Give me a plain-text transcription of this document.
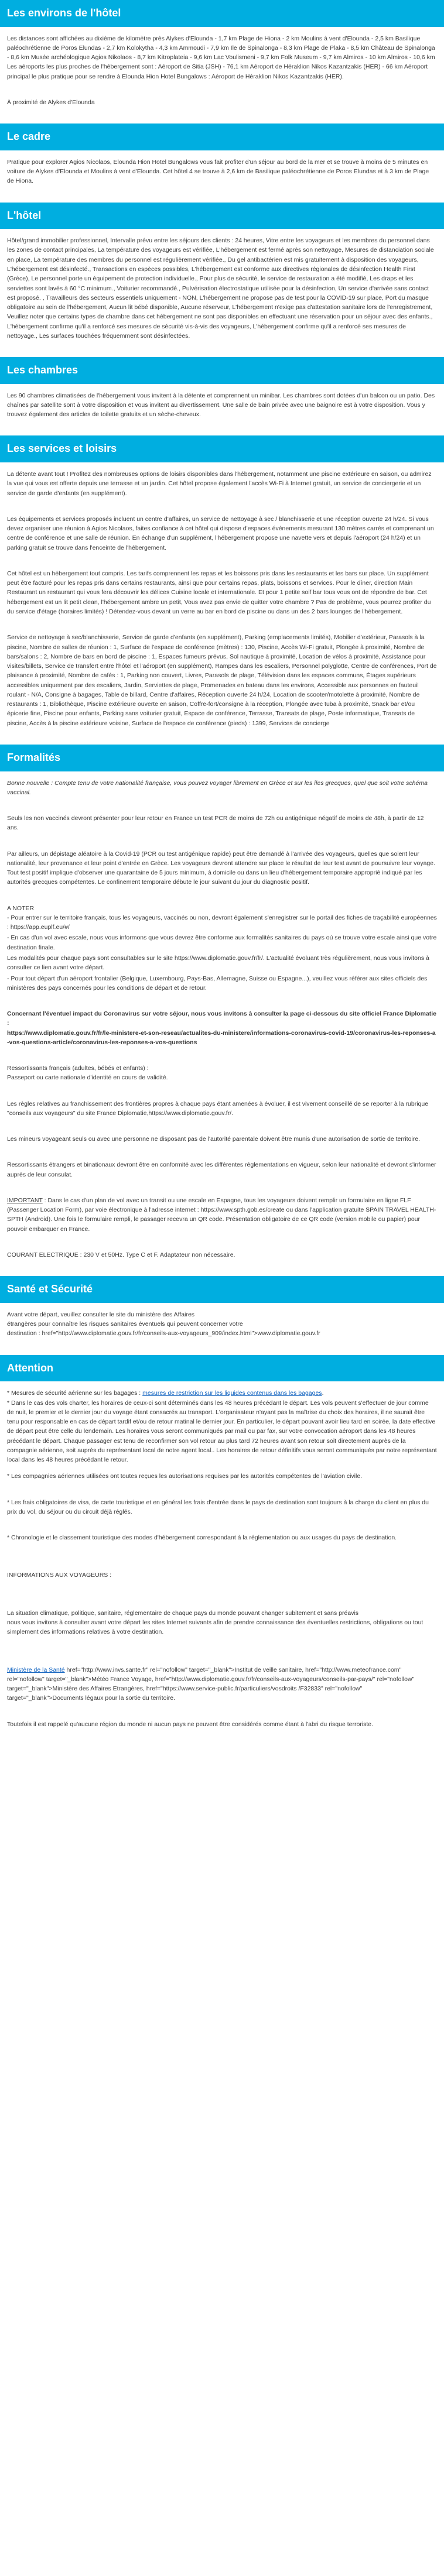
Les environs de l'hôtel

Les distances sont affichées au dixième de kilomètre près Alykes d'Elounda - 1,7 km Plage de Hiona - 2 km Moulins à vent d'Elounda - 2,5 km Basilique paléochrétienne de Poros Elundas - 2,7 km Kolokytha - 4,3 km Ammoudi - 7,9 km Ile de Spinalonga - 8,3 km Plage de Plaka - 8,5 km Château de Spinalonga - 8,6 km Musée archéologique Agios Nikolaos - 8,7 km Kitroplateia - 9,6 km Lac Voulismeni - 9,7 km Folk Museum - 9,7 km Almiros - 10 km Almiros - 10,6 km Les aéroports les plus proches de l'hébergement sont : Aéroport de Sitia (JSH) - 76,1 km Aéroport de Héraklion Nikos Kazantzakis (HER) - 66 km Aéroport principal le plus pratique pour se rendre à Elounda Hion Hotel Bungalows : Aéroport de Héraklion Nikos Kazantzakis (HER).

À proximité de Alykes d'Elounda

Le cadre

Pratique pour explorer Agios Nicolaos, Elounda Hion Hotel Bungalows vous fait profiter d'un séjour au bord de la mer et se trouve à moins de 5 minutes en voiture de Alykes d'Elounda et Moulins à vent d'Elounda. Cet hôtel 4 se trouve à 2,6 km de Basilique paléochrétienne de Poros Elundas et à 3 km de Plage de Hiona.

L'hôtel

Hôtel/grand immobilier professionnel, Intervalle prévu entre les séjours des clients : 24 heures, Vitre entre les voyageurs et les membres du personnel dans les zones de contact principales, La température des voyageurs est vérifiée, L'hébergement est fermé après son nettoyage, Mesures de distanciation sociale en place, La température des membres du personnel est régulièrement vérifiée., Du gel antibactérien est mis gratuitement à disposition des voyageurs, L'hébergement est désinfecté., Transactions en espèces possibles, L'hébergement est conforme aux directives régionales de désinfection Health First (Grèce), Le personnel porte un équipement de protection individuelle., Pour plus de sécurité, le service de restauration a été modifié, Les draps et les serviettes sont lavés à 60 °C minimum., Voiturier recommandé., Pulvérisation électrostatique utilisée pour la désinfection, Un service d'arrivée sans contact est proposé. , Travailleurs des secteurs essentiels uniquement - NON, L'hébergement ne propose pas de test pour la COVID-19 sur place, Port du masque obligatoire au sein de l'hébergement, Aucun lit bébé disponible, Aucune réserveur, L'hébergement n'exige pas d'attestation sanitaire lors de l'enregistrement, Veuillez noter que certains types de chambre dans cet hébergement ne sont pas disponibles en effectuant une réservation pour un séjour avec des enfants., L'hébergement confirme qu'il a renforcé ses mesures de sécurité vis-à-vis des voyageurs, L'hébergement confirme qu'il a renforcé ses mesures de nettoyage., Les surfaces touchées fréquemment sont désinfectées.

Les chambres

Les 90 chambres climatisées de l'hébergement vous invitent à la détente et comprennent un minibar. Les chambres sont dotées d'un balcon ou un patio. Des chaînes par satellite sont à votre disposition et vous invitent au divertissement. Une salle de bain privée avec une baignoire est à votre disposition. Vous y trouvez également des articles de toilette gratuits et un sèche-cheveux.

Les services et loisirs

La détente avant tout ! Profitez des nombreuses options de loisirs disponibles dans l'hébergement, notamment une piscine extérieure en saison, ou admirez la vue qui vous est offerte depuis une terrasse et un jardin. Cet hôtel propose également l'accès Wi-Fi à Internet gratuit, un service de conciergerie et un service de garde d'enfants (en supplément).

Les équipements et services proposés incluent un centre d'affaires, un service de nettoyage à sec / blanchisserie et une réception ouverte 24 h/24. Si vous devez organiser une réunion à Agios Nicolaos, faites confiance à cet hôtel qui dispose d'espaces événements mesurant 130 mètres carrés et comprenant un centre de conférence et une salle de réunion. En échange d'un supplément, l'hébergement propose une navette vers et depuis l'aéroport (24 h/24) et un parking gratuit se trouve dans l'enceinte de l'hébergement.

Cet hôtel est un hébergement tout compris. Les tarifs comprennent les repas et les boissons pris dans les restaurants et les bars sur place. Un supplément peut être facturé pour les repas pris dans certains restaurants, ainsi que pour certains repas, plats, boissons et services. Pour le dîner, direction Main Restaurant un restaurant qui vous fera découvrir les délices Cuisine locale et internationale. Et pour 1 petite soif bar tous vous ont de répondre de bar. Cet hébergement est un lit petit clean, l'hébergement ambre un petit, Vous avez pas envie de quitter votre chambre ? Pas de problème, vous pourrez profiter du du service d'étage (horaires limités) ! Détendez-vous devant un verre au bar en bord de piscine ou dans un des 2 bars lounges de l'hébergement.

Service de nettoyage à sec/blanchisserie, Service de garde d'enfants (en supplément), Parking (emplacements limités), Mobilier d'extérieur, Parasols à la piscine, Nombre de salles de réunion : 1, Surface de l'espace de conférence (mètres) : 130, Piscine, Accès Wi-Fi gratuit, Plongée à proximité, Nombre de bars/salons : 2, Nombre de bars en bord de piscine : 1, Espaces fumeurs prévus, Sol nautique à proximité, Location de vélos à proximité, Assistance pour visites/billets, Service de transfert entre l'hôtel et l'aéroport (en supplément), Rampes dans les escaliers, Personnel polyglotte, Centre de conférences, Port de plaisance à proximité, Nombre de cafés : 1, Parking non couvert, Livres, Parasols de plage, Télévision dans les espaces communs, Étages supérieurs accessibles uniquement par des escaliers, Jardin, Serviettes de plage, Promenades en bateau dans les environs, Accessible aux personnes en fauteuil roulant - N/A, Consigne à bagages, Table de billard, Centre d'affaires, Réception ouverte 24 h/24, Location de scooter/motolette à proximité, Nombre de restaurants : 1, Bibliothèque, Piscine extérieure ouverte en saison, Coffre-fort/consigne à la réception, Plongée avec tuba à proximité, Snack bar et/ou épicerie fine, Piscine pour enfants, Parking sans voiturier gratuit, Espace de conférence, Terrasse, Transats de plage, Poste informatique, Transats de piscine, Accès à la piscine extérieure voisine, Surface de l'espace de conférence (pieds) : 1399, Services de concierge

Formalités

Bonne nouvelle : Compte tenu de votre nationalité française, vous pouvez voyager librement en Grèce et sur les îles grecques, quel que soit votre schéma vaccinal.

Seuls les non vaccinés devront présenter pour leur retour en France un test PCR de moins de 72h ou antigénique négatif de moins de 48h, à partir de 12 ans.

Par ailleurs, un dépistage aléatoire à la Covid-19 (PCR ou test antigénique rapide) peut être demandé à l'arrivée des voyageurs, quelles que soient leur nationalité, leur provenance et leur point d'entrée en Grèce. Les voyageurs devront attendre sur place le résultat de leur test avant de poursuivre leur voyage. Tout test positif implique d'observer une quarantaine de 5 jours minimum, à domicile ou dans un lieu d'hébergement temporaire approprié indiqué par les autorités grecques compétentes. Le confinement temporaire débute le jour suivant du jour du diagnostic positif.

A NOTER

- Pour entrer sur le territoire français, tous les voyageurs, vaccinés ou non, devront également s'enregistrer sur le portail des fiches de traçabilité européennes : https://app.euplf.eu/#/

- En cas d'un vol avec escale, nous vous informons que vous devrez être conforme aux formalités sanitaires du pays où se trouve votre escale ainsi que votre destination finale.

Les modalités pour chaque pays sont consultables sur le site https://www.diplomatie.gouv.fr/fr/. L'actualité évoluant très régulièrement, nous vous invitons à consulter ce lien avant votre départ.

- Pour tout départ d'un aéroport frontalier (Belgique, Luxembourg, Pays-Bas, Allemagne, Suisse ou Espagne...), veuillez vous référer aux sites officiels des ministères des pays concernés pour les conditions de départ et de retour.

Concernant l'éventuel impact du Coronavirus sur votre séjour, nous vous invitons à consulter la page ci-dessous du site officiel France Diplomatie :

https://www.diplomatie.gouv.fr/fr/le-ministere-et-son-reseau/actualites-du-ministere/informations-coronavirus-covid-19/coronavirus-les-reponses-a-vos-questions-article/coronavirus-les-reponses-a-vos-questions

Ressortissants français (adultes, bébés et enfants) :

Passeport ou carte nationale d'identité en cours de validité.

Les règles relatives au franchissement des frontières propres à chaque pays étant amenées à évoluer, il est vivement conseillé de se reporter à la rubrique "conseils aux voyageurs" du site France Diplomatie,https://www.diplomatie.gouv.fr/.

Les mineurs voyageant seuls ou avec une personne ne disposant pas de l'autorité parentale doivent être munis d'une autorisation de sortie de territoire.

Ressortissants étrangers et binationaux devront être en conformité avec les différentes réglementations en vigueur, selon leur nationalité et devront s'informer auprès de leur consulat.

IMPORTANT : Dans le cas d'un plan de vol avec un transit ou une escale en Espagne, tous les voyageurs doivent remplir un formulaire en ligne FLF (Passenger Location Form), par voie électronique à l'adresse internet : https://www.spth.gob.es/create ou dans l'application gratuite SPAIN TRAVEL HEALTH-SPTH (Android). Une fois le formulaire rempli, le passager recevra un QR code. Présentation obligatoire de ce QR code (version mobile ou papier) pour pouvoir embarquer en France.

COURANT ELECTRIQUE : 230 V et 50Hz. Type C et F. Adaptateur non nécessaire.

Santé et Sécurité

Avant votre départ, veuillez consulter le site du ministère des Affaires

étrangères pour connaître les risques sanitaires éventuels qui peuvent concerner votre

destination : href="http://www.diplomatie.gouv.fr/fr/conseils-aux-voyageurs_909/index.html">www.diplomatie.gouv.fr

Attention

* Mesures de sécurité aérienne sur les bagages : mesures de restriction sur les liquides contenus dans les bagages.

* Dans le cas des vols charter, les horaires de ceux-ci sont déterminés dans les 48 heures précédant le départ. Les vols peuvent s'effectuer de jour comme de nuit, le premier et le dernier jour du voyage étant consacrés au transport. L'organisateur n'ayant pas la maîtrise du choix des horaires, il ne saurait être tenu pour responsable en cas de départ tardif et/ou de retour matinal le dernier jour. En particulier, le départ pouvant avoir lieu tard en soirée, la date effective de départ peut être celle du lendemain. Les horaires vous seront communiqués par mail ou par fax, sur votre convocation aéroport dans les 48 heures précédant le départ. Chaque passager est tenu de reconfirmer son vol retour au plus tard 72 heures avant son retour soit directement auprès de la compagnie aérienne, soit auprès du représentant local de notre agent local.. Les horaires de retour définitifs vous seront communiqués par notre représentant local dans les 48 heures précédant le retour.

* Les compagnies aériennes utilisées ont toutes reçues les autorisations requises par les autorités compétentes de l'aviation civile.

* Les frais obligatoires de visa, de carte touristique et en général les frais d'entrée dans le pays de destination sont toujours à la charge du client en plus du prix du vol, du séjour ou du circuit déjà réglés.

* Chronologie et le classement touristique des modes d'hébergement correspondant à la réglementation ou aux usages du pays de destination.

INFORMATIONS AUX VOYAGEURS :

La situation climatique, politique, sanitaire, réglementaire de chaque pays du monde pouvant changer subitement et sans préavis

nous vous invitons à consulter avant votre départ les sites Internet suivants afin de prendre connaissance des éventuelles restrictions, obligations ou tout simplement des informations relatives à votre destination.

Ministère de la Santé href="http://www.invs.sante.fr" rel="nofollow" target="_blank">Institut de veille sanitaire, href="http://www.meteofrance.com" rel="nofollow" target="_blank">Météo France Voyage, href="http://www.diplomatie.gouv.fr/fr/conseils-aux-voyageurs/conseils-par-pays/" rel="nofollow" target="_blank">Ministère des Affaires Etrangères, href="https://www.service-public.fr/particuliers/vosdroits /F32833" rel="nofollow" target="_blank">Documents légaux pour la sortie du territoire.

Toutefois il est rappelé qu'aucune région du monde ni aucun pays ne peuvent être considérés comme étant à l'abri du risque terroriste.
